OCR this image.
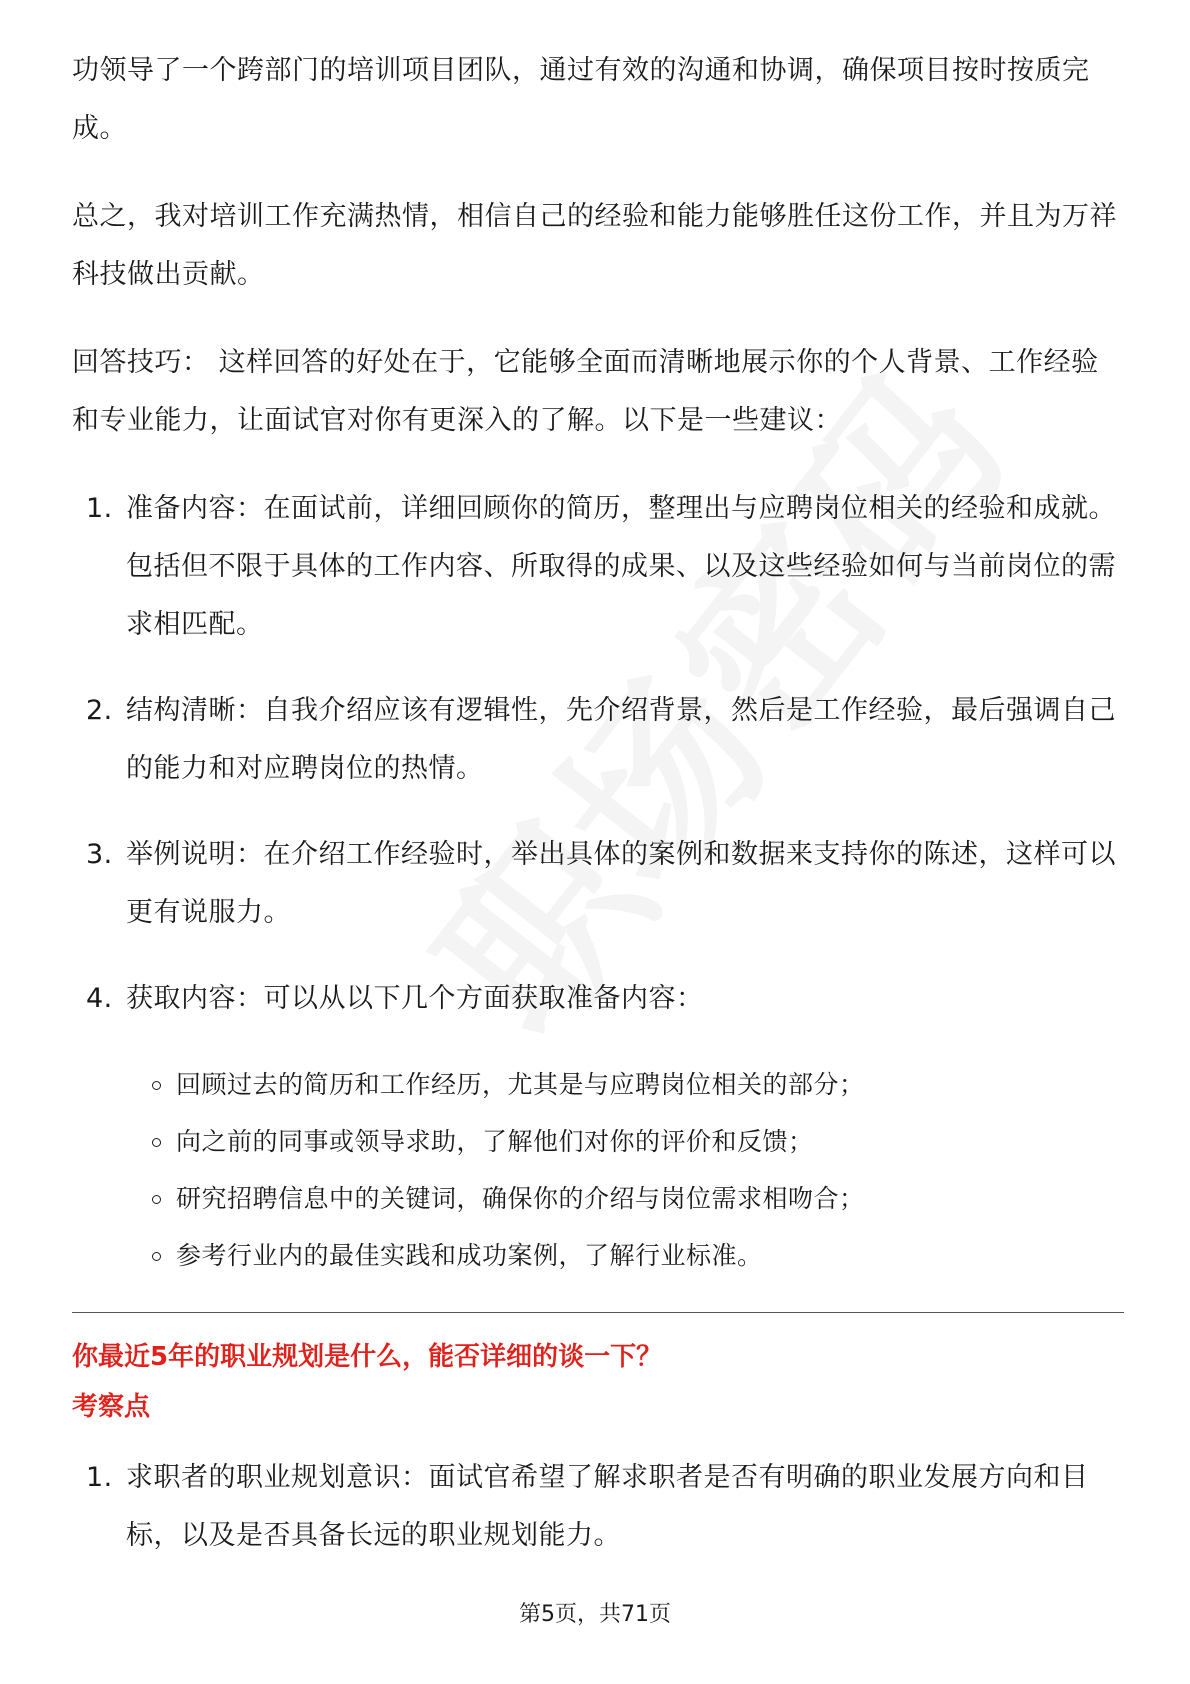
功领导了一个跨部门的培训项目团队，通过有效的沟通和协调，确保项目按时按质完成。

总之，我对培训工作充满热情，相信自己的经验和能力能够胜任这份工作，并且为万祥科技做出贡献。

回答技巧： 这样回答的好处在于，它能够全面而清晰地展示你的个人背景、工作经验和专业能力，让面试官对你有更深入的了解。以下是一些建议：

1. 准备内容：在面试前，详细回顾你的简历，整理出与应聘岗位相关的经验和成就。包括但不限于具体的工作内容、所取得的成果、以及这些经验如何与当前岗位的需求相匹配。
2. 结构清晰：自我介绍应该有逻辑性，先介绍背景，然后是工作经验，最后强调自己的能力和对应聘岗位的热情。
3. 举例说明：在介绍工作经验时，举出具体的案例和数据来支持你的陈述，这样可以更有说服力。
4. 获取内容：可以从以下几个方面获取准备内容：
回顾过去的简历和工作经历，尤其是与应聘岗位相关的部分；
向之前的同事或领导求助，了解他们对你的评价和反馈；
研究招聘信息中的关键词，确保你的介绍与岗位需求相吻合；
参考行业内的最佳实践和成功案例，了解行业标准。
你最近5年的职业规划是什么，能否详细的谈一下？
考察点
1. 求职者的职业规划意识：面试官希望了解求职者是否有明确的职业发展方向和目标，以及是否具备长远的职业规划能力。
第5页，共71页
